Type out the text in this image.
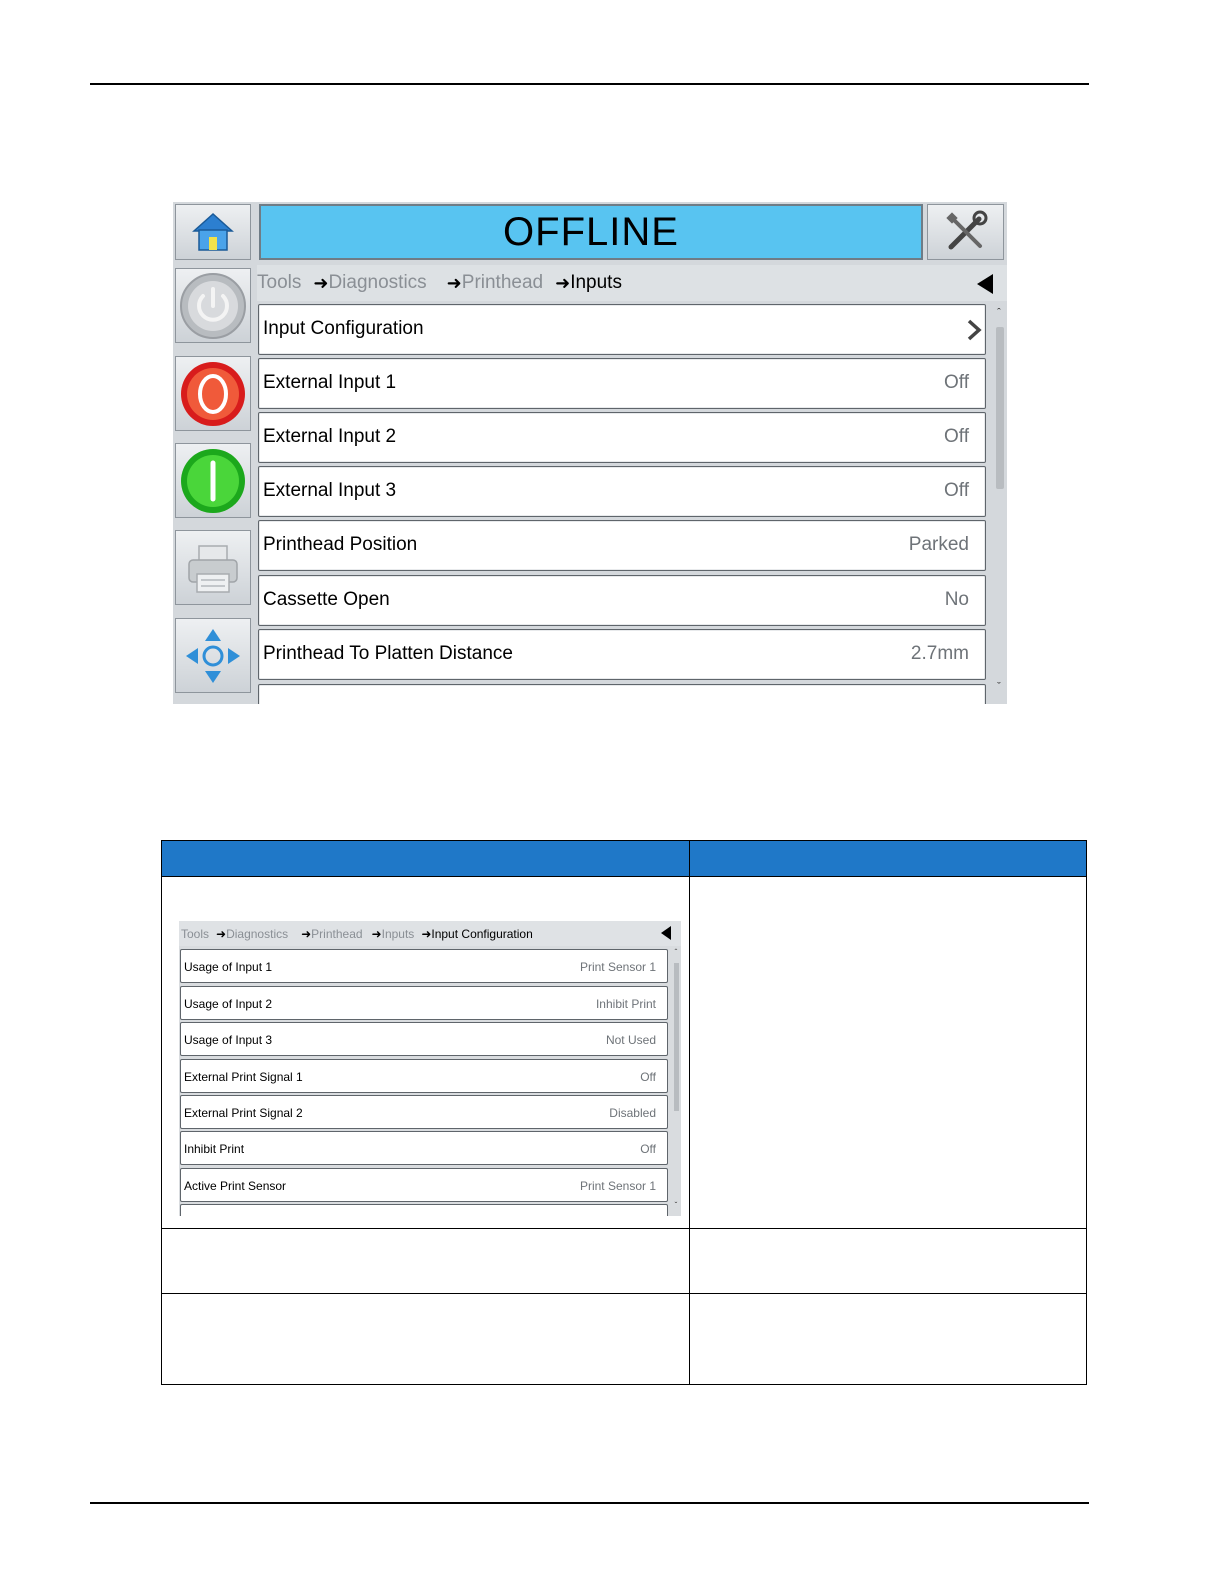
OFFLINE
Tools ➜ Diagnostics ➜ Printhead ➜ Inputs
Input Configuration
External Input 1	Off
External Input 2	Off
External Input 3	Off
Printhead Position	Parked
Cassette Open	No
Printhead To Platten Distance	2.7mm
ˆ
ˇ
Tools ➜ Diagnostics ➜ Printhead ➜ Inputs ➜ Input Configuration
Usage of Input 1	Print Sensor 1
Usage of Input 2	Inhibit Print
Usage of Input 3	Not Used
External Print Signal 1	Off
External Print Signal 2	Disabled
Inhibit Print	Off
Active Print Sensor	Print Sensor 1
ˆ
ˇ
